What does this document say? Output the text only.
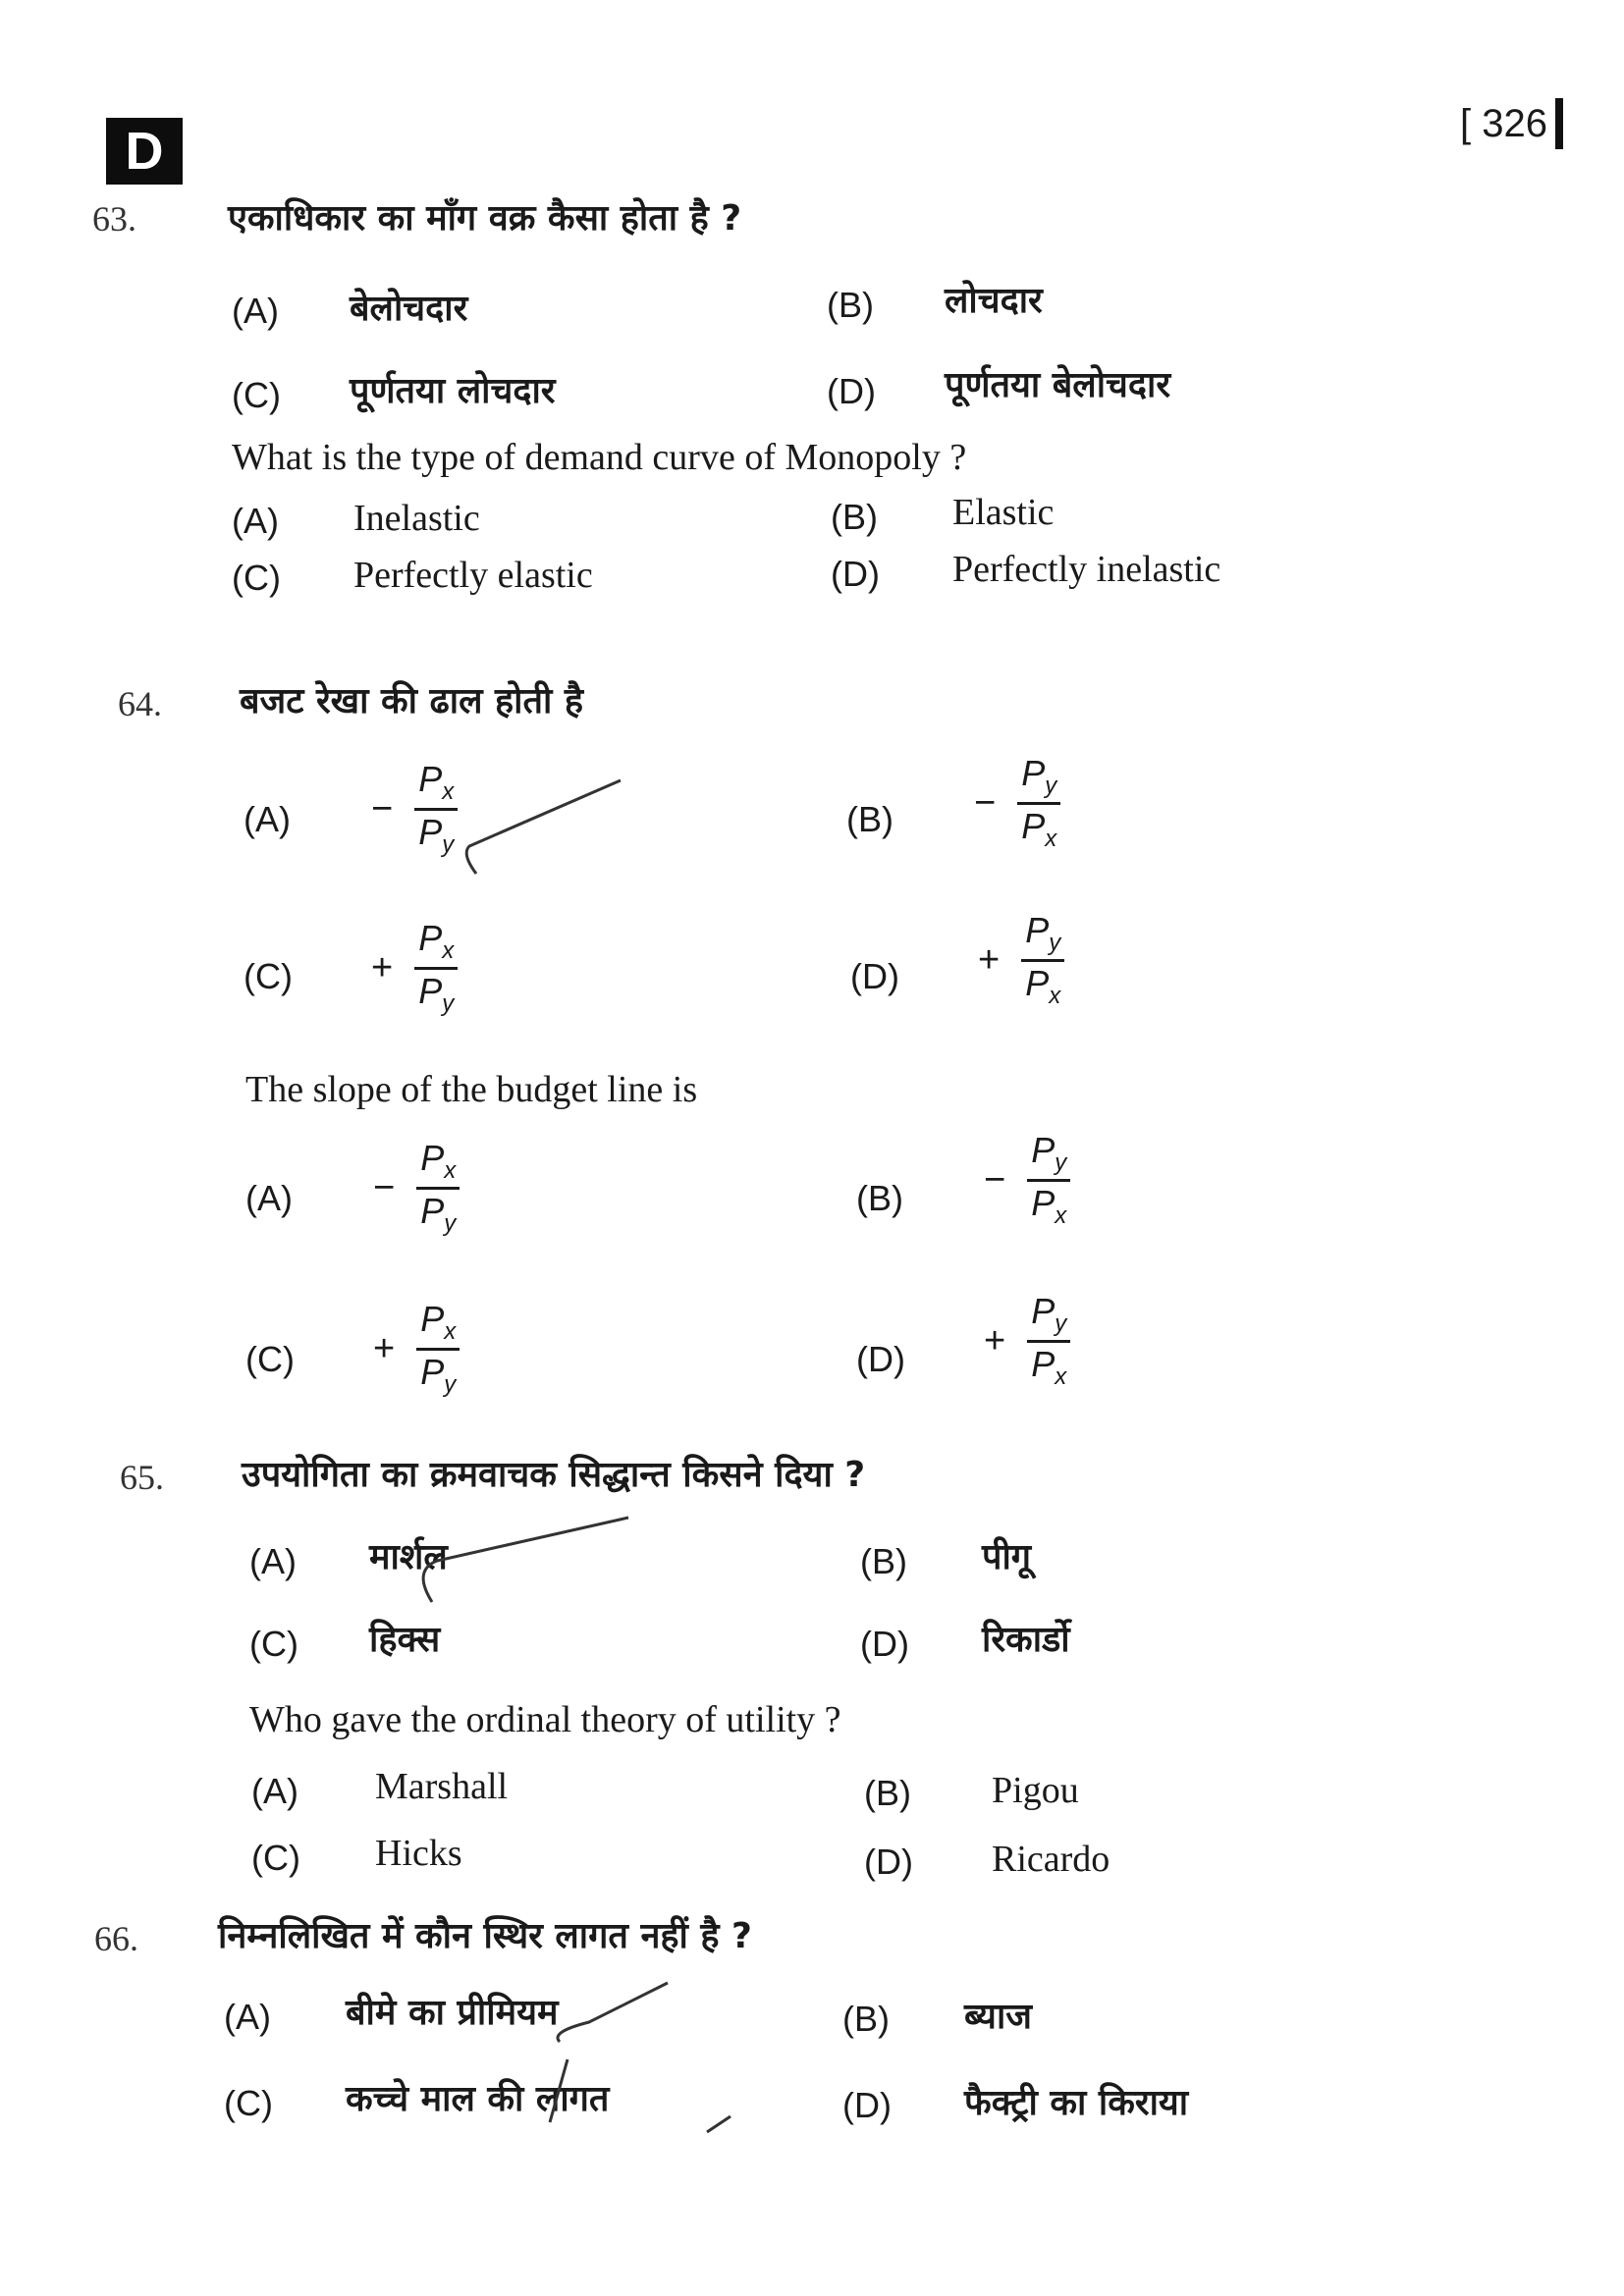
D	[ 326
63.	एकाधिकार का माँग वक्र कैसा होता है ?
(A) बेलोचदार	(B) लोचदार
(C) पूर्णतया लोचदार	(D) पूर्णतया बेलोचदार
What is the type of demand curve of Monopoly ?
(A) Inelastic	(B) Elastic
(C) Perfectly elastic	(D) Perfectly inelastic
64. बजट रेखा की ढाल होती है
$(A) - \frac{P_x}{P_y}$	$(B) - \frac{P_y}{P_x}$
$(C) + \frac{P_x}{P_y}$	$(D) + \frac{P_y}{P_x}$
The slope of the budget line is
$(A) - \frac{P_x}{P_y}$	$(B) - \frac{P_y}{P_x}$
$(C) + \frac{P_x}{P_y}$	$(D) + \frac{P_y}{P_x}$
65. उपयोगिता का क्रमवाचक सिद्धान्त किसने दिया ?
(A) मार्शल	(B) पीगू
(C) हिक्स	(D) रिकार्डो
Who gave the ordinal theory of utility ?
(A) Marshall	(B) Pigou
(C) Hicks	(D) Ricardo
66. निम्नलिखित में कौन स्थिर लागत नहीं है ?
(A) बीमे का प्रीमियम	(B) ब्याज
(C) कच्चे माल की लागत	(D) फैक्ट्री का किराया
